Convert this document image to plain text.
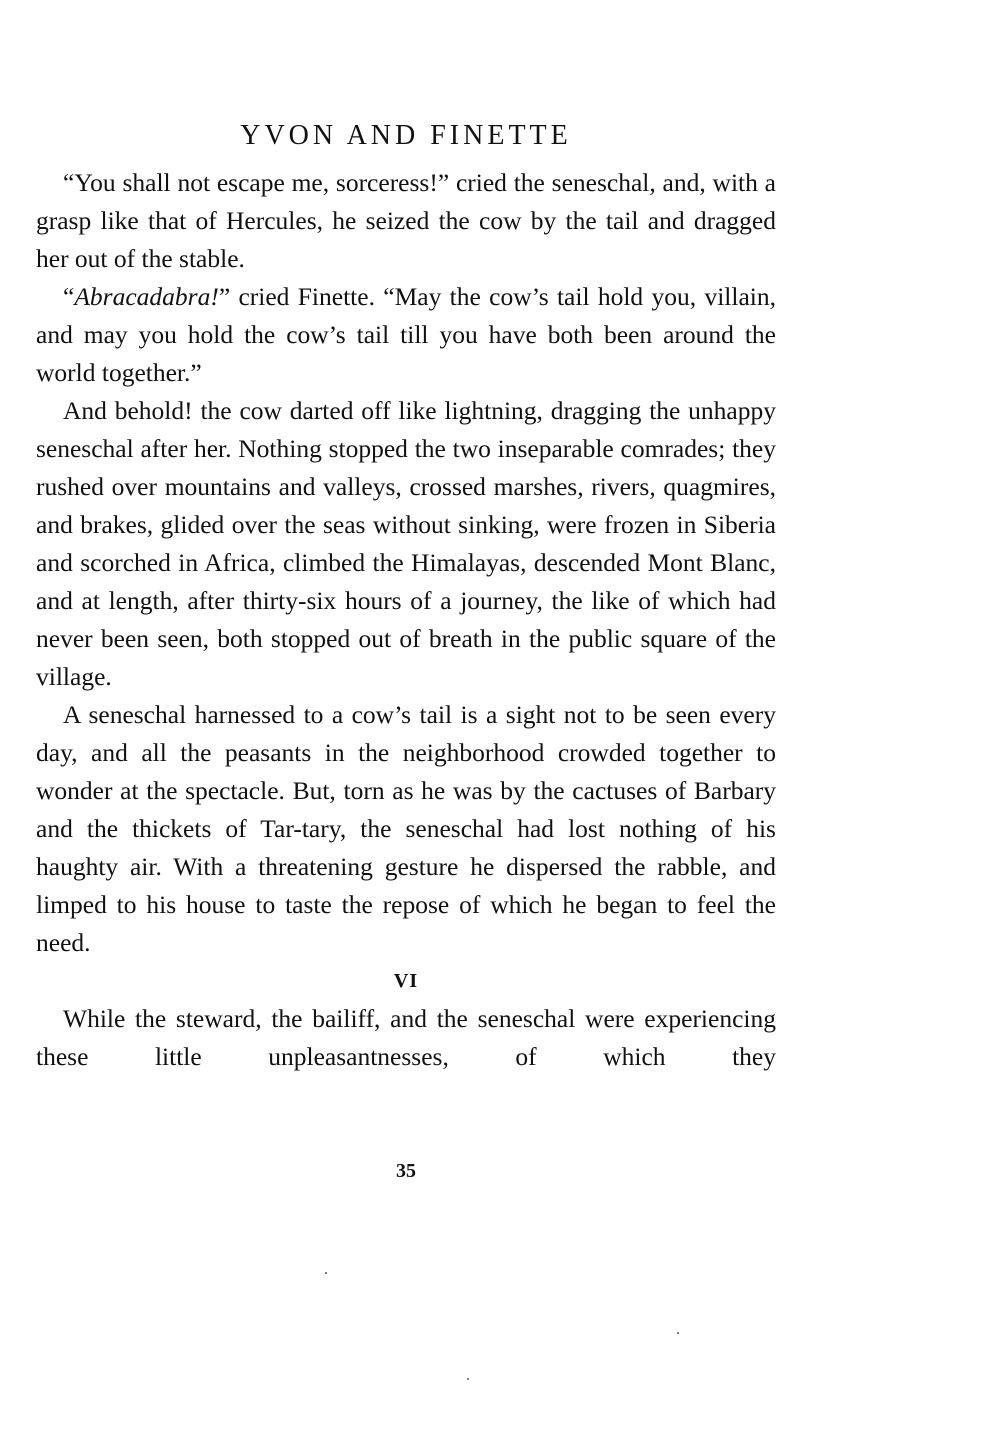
YVON AND FINETTE

“You shall not escape me, sorceress!” cried the seneschal, and, with a grasp like that of Hercules, he seized the cow by the tail and dragged her out of the stable.

“Abracadabra!” cried Finette. “May the cow’s tail hold you, villain, and may you hold the cow’s tail till you have both been around the world together.”

And behold! the cow darted off like lightning, dragging the unhappy seneschal after her. Nothing stopped the two inseparable comrades; they rushed over mountains and valleys, crossed marshes, rivers, quagmires, and brakes, glided over the seas without sinking, were frozen in Siberia and scorched in Africa, climbed the Himalayas, descended Mont Blanc, and at length, after thirty-six hours of a journey, the like of which had never been seen, both stopped out of breath in the public square of the village.

A seneschal harnessed to a cow’s tail is a sight not to be seen every day, and all the peasants in the neighborhood crowded together to wonder at the spectacle. But, torn as he was by the cactuses of Barbary and the thickets of Tar-tary, the seneschal had lost nothing of his haughty air. With a threatening gesture he dispersed the rabble, and limped to his house to taste the repose of which he began to feel the need.

VI

While the steward, the bailiff, and the seneschal were experiencing these little unpleasantnesses, of which they

35
